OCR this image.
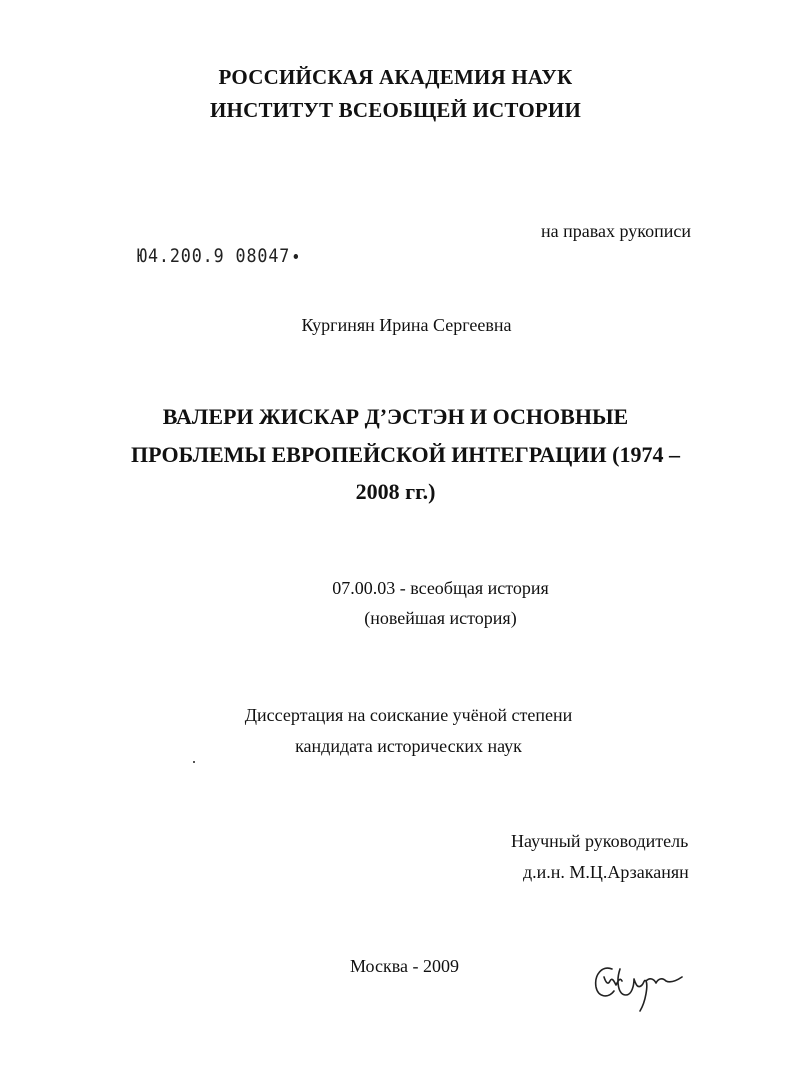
РОССИЙСКАЯ АКАДЕМИЯ НАУК
ИНСТИТУТ ВСЕОБЩЕЙ ИСТОРИИ
на правах рукописи
Ю4.200.9 08047
Кургинян Ирина Сергеевна
ВАЛЕРИ ЖИСКАР Д’ЭСТЭН И ОСНОВНЫЕ
ПРОБЛЕМЫ ЕВРОПЕЙСКОЙ ИНТЕГРАЦИИ (1974 –
2008 гг.)
07.00.03 - всеобщая история
(новейшая история)
Диссертация на соискание учёной степени
кандидата исторических наук
Научный руководитель
д.и.н. М.Ц.Арзаканян
Москва - 2009
